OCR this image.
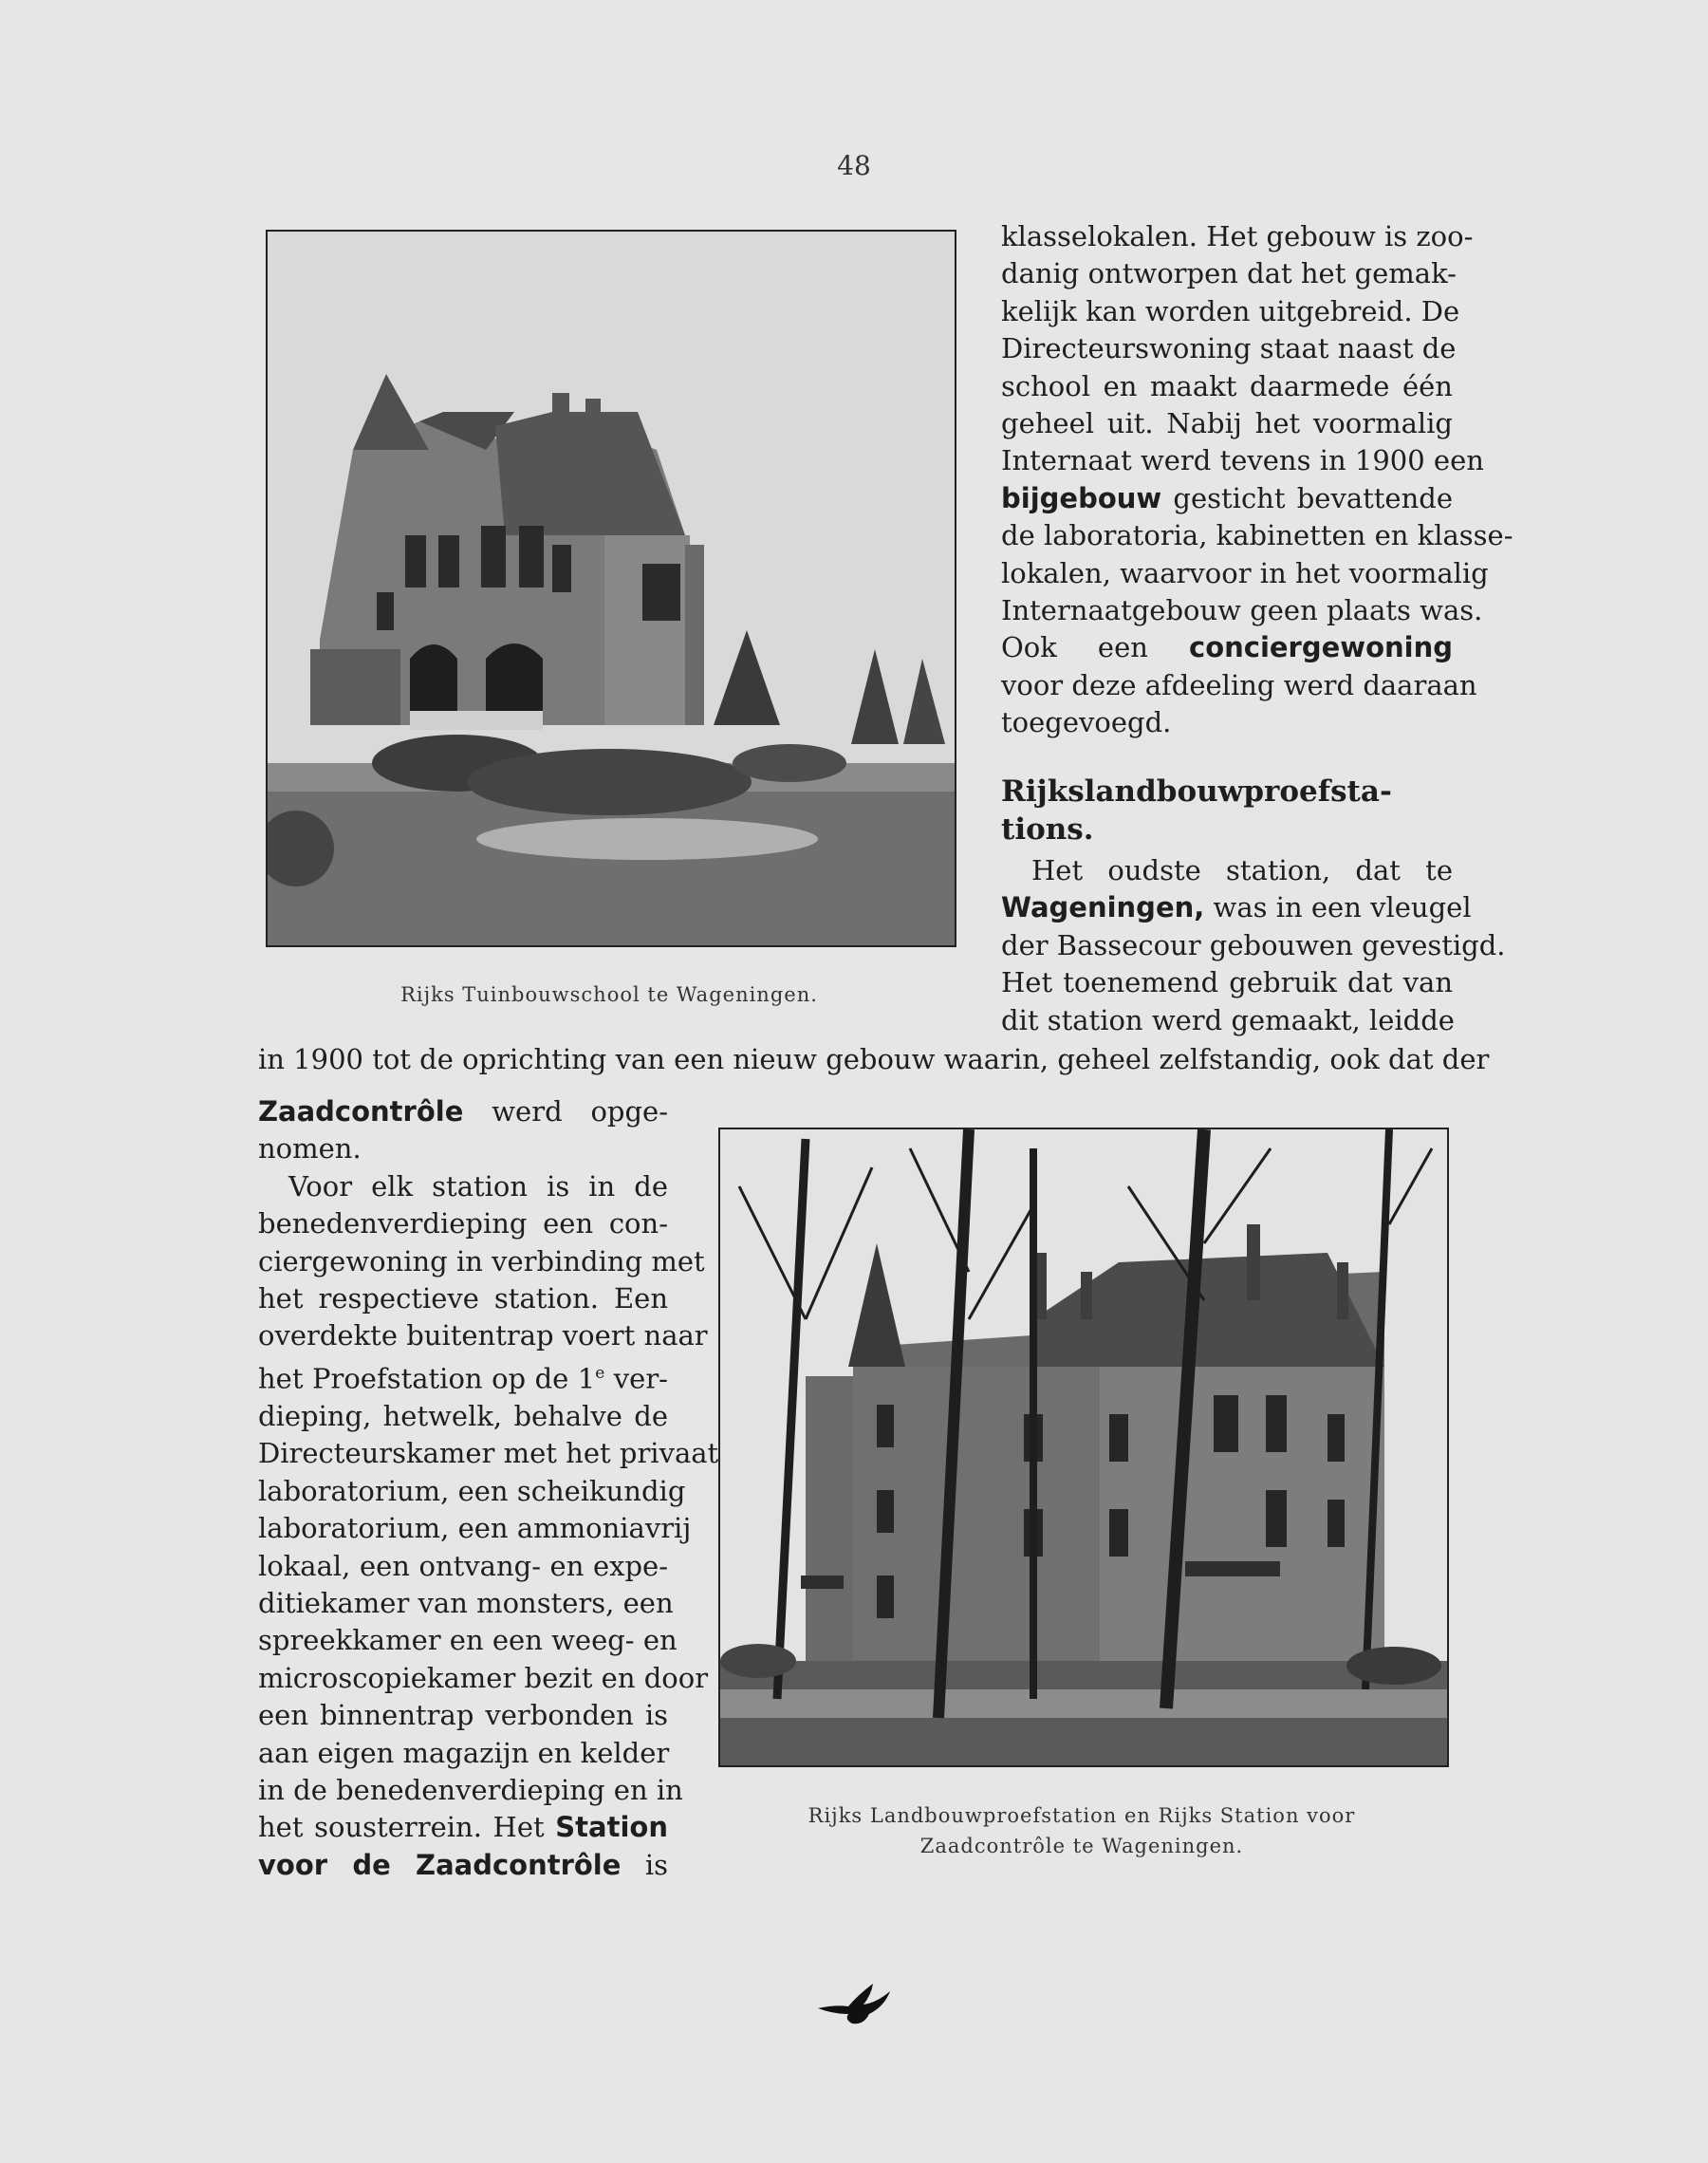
48
Rijks Tuinbouwschool te Wageningen.
klasselokalen. Het gebouw is zoo-
danig ontworpen dat het gemak-
kelijk kan worden uitgebreid. De
Directeurswoning staat naast de
school en maakt daarmede één
geheel uit. Nabij het voormalig
Internaat werd tevens in 1900 een
bijgebouw gesticht bevattende
de laboratoria, kabinetten en klasse-
lokalen, waarvoor in het voormalig
Internaatgebouw geen plaats was.
Ook een conciergewoning
voor deze afdeeling werd daaraan
toegevoegd.
Rijkslandbouwproefsta-
tions.
Het oudste station, dat te
Wageningen, was in een vleugel
der Bassecour gebouwen gevestigd.
Het toenemend gebruik dat van
dit station werd gemaakt, leidde
in 1900 tot de oprichting van een nieuw gebouw waarin, geheel zelfstandig, ook dat der
Zaadcontrôle werd opge-
nomen.
Voor elk station is in de
benedenverdieping een con-
ciergewoning in verbinding met
het respectieve station. Een
overdekte buitentrap voert naar
het Proefstation op de 1e ver-
dieping, hetwelk, behalve de
Directeurskamer met het privaat
laboratorium, een scheikundig
laboratorium, een ammoniavrij
lokaal, een ontvang- en expe-
ditiekamer van monsters, een
spreekkamer en een weeg- en
microscopiekamer bezit en door
een binnentrap verbonden is
aan eigen magazijn en kelder
in de benedenverdieping en in
het sousterrein. Het Station
voor de Zaadcontrôle is
Rijks Landbouwproefstation en Rijks Station voor
Zaadcontrôle te Wageningen.
